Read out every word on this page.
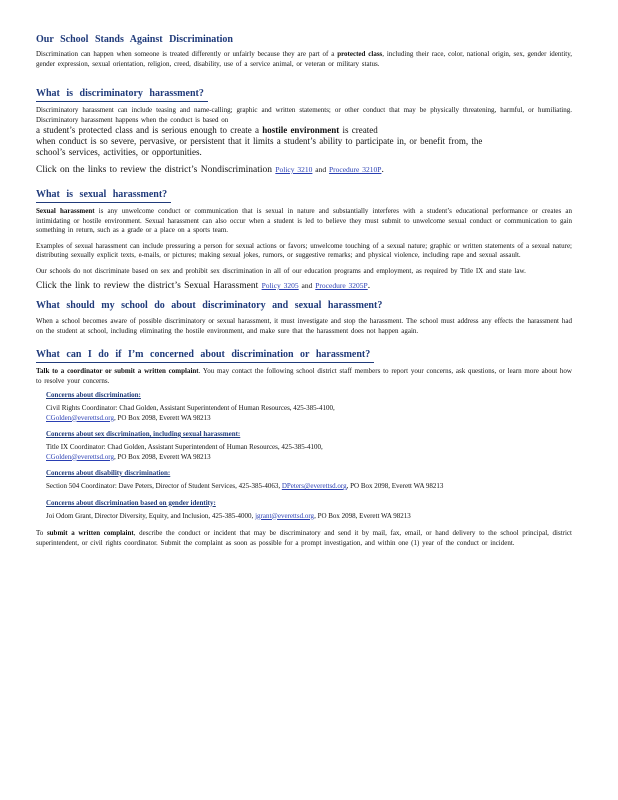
Our School Stands Against Discrimination

Discrimination can happen when someone is treated differently or unfairly because they are part of a protected class, including their race, color, national origin, sex, gender identity, gender expression, sexual orientation, religion, creed, disability, use of a service animal, or veteran or military status.

What is discriminatory harassment?

Discriminatory harassment can include teasing and name-calling; graphic and written statements; or other conduct that may be physically threatening, harmful, or humiliating. Discriminatory harassment happens when the conduct is based on

a student’s protected class and is serious enough to create a hostile environment is created

when conduct is so severe, pervasive, or persistent that it limits a student’s ability to participate in, or benefit from, the

school’s services, activities, or opportunities.

Click on the links to review the district’s Nondiscrimination Policy 3210 and Procedure 3210P.

What is sexual harassment?

Sexual harassment is any unwelcome conduct or communication that is sexual in nature and substantially interferes with a student’s educational performance or creates an intimidating or hostile environment. Sexual harassment can also occur when a student is led to believe they must submit to unwelcome sexual conduct or communication to gain something in return, such as a grade or a place on a sports team.

Examples of sexual harassment can include pressuring a person for sexual actions or favors; unwelcome touching of a sexual nature; graphic or written statements of a sexual nature; distributing sexually explicit texts, e-mails, or pictures; making sexual jokes, rumors, or suggestive remarks; and physical violence, including rape and sexual assault.

Our schools do not discriminate based on sex and prohibit sex discrimination in all of our education programs and employment, as required by Title IX and state law.

Click the link to review the district’s Sexual Harassment Policy 3205 and Procedure 3205P.

What should my school do about discriminatory and sexual harassment?

When a school becomes aware of possible discriminatory or sexual harassment, it must investigate and stop the harassment. The school must address any effects the harassment had on the student at school, including eliminating the hostile environment, and make sure that the harassment does not happen again.

What can I do if I’m concerned about discrimination or harassment?

Talk to a coordinator or submit a written complaint. You may contact the following school district staff members to report your concerns, ask questions, or learn more about how to resolve your concerns.

Concerns about discrimination:
Civil Rights Coordinator: Chad Golden, Assistant Superintendent of Human Resources, 425-385-4100,
CGolden@everettsd.org, PO Box 2098, Everett WA 98213
Concerns about sex discrimination, including sexual harassment:
Title IX Coordinator: Chad Golden, Assistant Superintendent of Human Resources, 425-385-4100,
CGolden@everettsd.org, PO Box 2098, Everett WA 98213
Concerns about disability discrimination:
Section 504 Coordinator: Dave Peters, Director of Student Services, 425-385-4063, DPeters@everettsd.org, PO Box 2098, Everett WA 98213
Concerns about discrimination based on gender identity:
Joi Odom Grant, Director Diversity, Equity, and Inclusion, 425-385-4000, jgrant@everettsd.org, PO Box 2098, Everett WA 98213

To submit a written complaint, describe the conduct or incident that may be discriminatory and send it by mail, fax, email, or hand delivery to the school principal, district superintendent, or civil rights coordinator. Submit the complaint as soon as possible for a prompt investigation, and within one (1) year of the conduct or incident.
